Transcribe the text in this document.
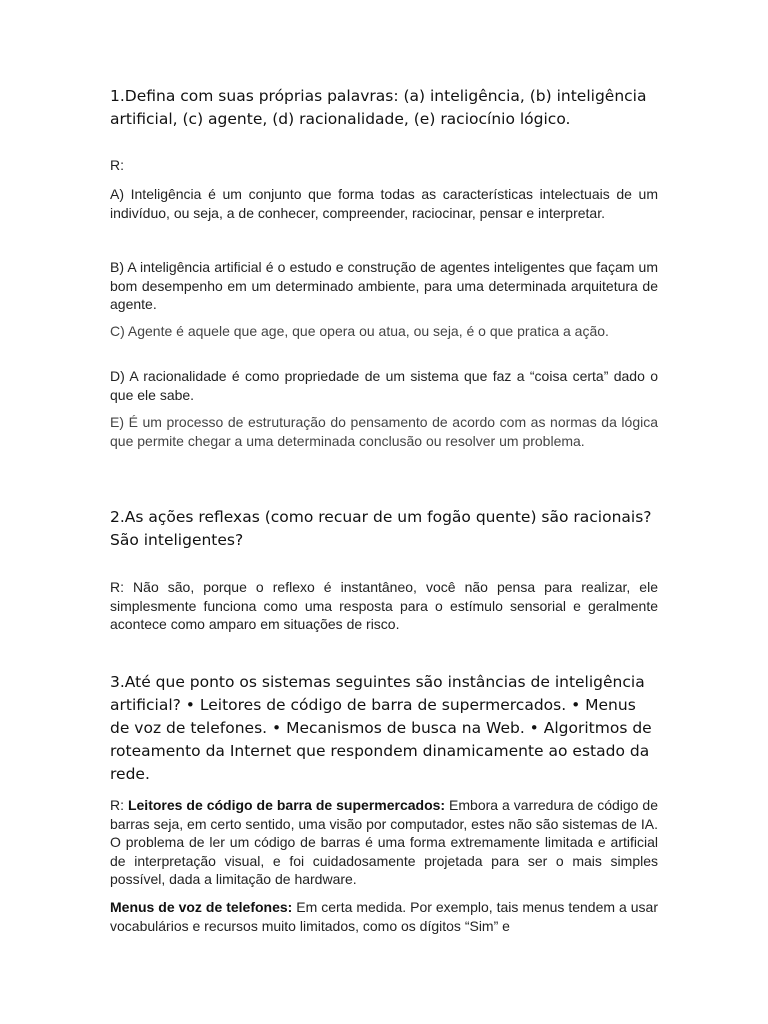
1.Defina com suas próprias palavras: (a) inteligência, (b) inteligência artificial, (c) agente, (d) racionalidade, (e) raciocínio lógico.

R:

A) Inteligência é um conjunto que forma todas as características intelectuais de um indivíduo, ou seja, a de conhecer, compreender, raciocinar, pensar e interpretar.

B) A inteligência artificial é o estudo e construção de agentes inteligentes que façam um bom desempenho em um determinado ambiente, para uma determinada arquitetura de agente.

C) Agente é aquele que age, que opera ou atua, ou seja, é o que pratica a ação.

D) A racionalidade é como propriedade de um sistema que faz a “coisa certa” dado o que ele sabe.

E) É um processo de estruturação do pensamento de acordo com as normas da lógica que permite chegar a uma determinada conclusão ou resolver um problema.

2.As ações reflexas (como recuar de um fogão quente) são racionais? São inteligentes?

R: Não são, porque o reflexo é instantâneo, você não pensa para realizar, ele simplesmente funciona como uma resposta para o estímulo sensorial e geralmente acontece como amparo em situações de risco.

3.Até que ponto os sistemas seguintes são instâncias de inteligência artificial? • Leitores de código de barra de supermercados. • Menus de voz de telefones. • Mecanismos de busca na Web. • Algoritmos de roteamento da Internet que respondem dinamicamente ao estado da rede.

R: Leitores de código de barra de supermercados: Embora a varredura de código de barras seja, em certo sentido, uma visão por computador, estes não são sistemas de IA. O problema de ler um código de barras é uma forma extremamente limitada e artificial de interpretação visual, e foi cuidadosamente projetada para ser o mais simples possível, dada a limitação de hardware.

Menus de voz de telefones: Em certa medida. Por exemplo, tais menus tendem a usar vocabulários e recursos muito limitados, como os dígitos “Sim” e
